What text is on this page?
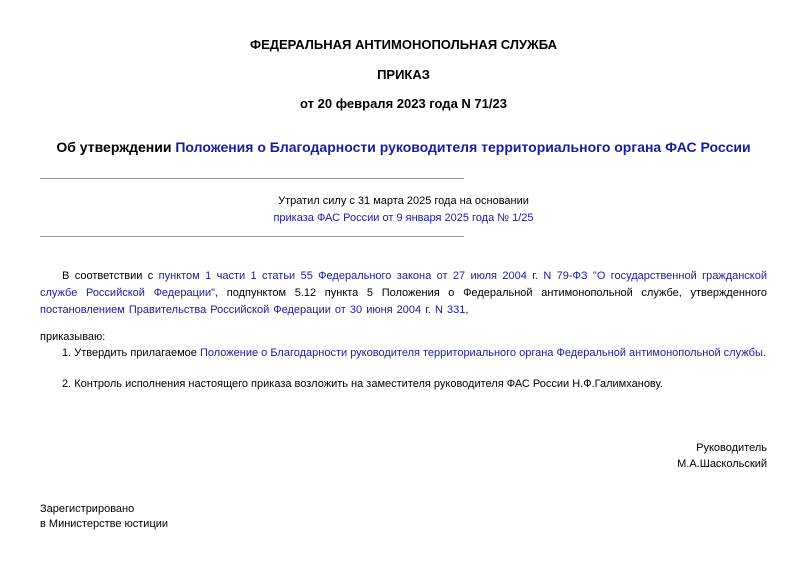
ФЕДЕРАЛЬНАЯ АНТИМОНОПОЛЬНАЯ СЛУЖБА
ПРИКАЗ
от 20 февраля 2023 года N 71/23
Об утверждении Положения о Благодарности руководителя территориального органа ФАС России
Утратил силу с 31 марта 2025 года на основании
приказа ФАС России от 9 января 2025 года № 1/25
В соответствии с пунктом 1 части 1 статьи 55 Федерального закона от 27 июля 2004 г. N 79-ФЗ "О государственной гражданской службе Российской Федерации", подпунктом 5.12 пункта 5 Положения о Федеральной антимонопольной службе, утвержденного постановлением Правительства Российской Федерации от 30 июня 2004 г. N 331,
приказываю:
1. Утвердить прилагаемое Положение о Благодарности руководителя территориального органа Федеральной антимонопольной службы.
2. Контроль исполнения настоящего приказа возложить на заместителя руководителя ФАС России Н.Ф.Галимханову.
Руководитель
М.А.Шаскольский
Зарегистрировано
в Министерстве юстиции
